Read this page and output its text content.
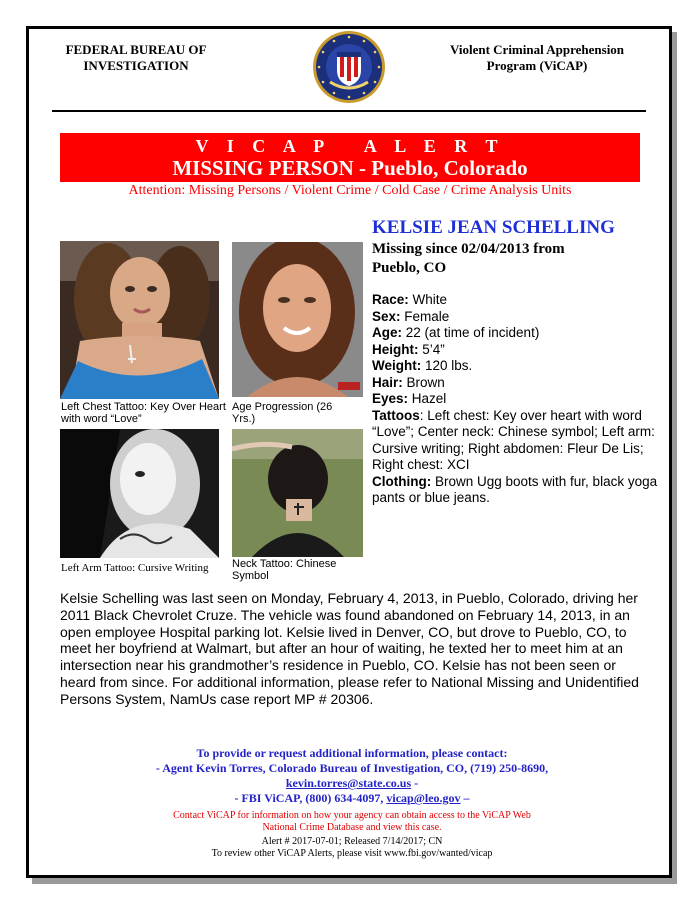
FEDERAL BUREAU OF
INVESTIGATION
Violent Criminal Apprehension
Program (ViCAP)
V I C A P   A L E R T
MISSING PERSON - Pueblo, Colorado
Attention: Missing Persons / Violent Crime / Cold Case / Crime Analysis Units
KELSIE JEAN SCHELLING
Missing since 02/04/2013 from
Pueblo, CO
Race: White
Sex: Female
Age: 22 (at time of incident)
Height: 5’4”
Weight: 120 lbs.
Hair: Brown
Eyes: Hazel
Tattoos: Left chest: Key over heart with word “Love”; Center neck: Chinese symbol; Left arm: Cursive writing; Right abdomen: Fleur De Lis; Right chest: XCI
Clothing: Brown Ugg boots with fur, black yoga pants or blue jeans.
Left Chest Tattoo: Key Over Heart with word “Love”
Age Progression (26 Yrs.)
Left Arm Tattoo: Cursive Writing	Neck Tattoo: Chinese Symbol
Kelsie Schelling was last seen on Monday, February 4, 2013, in Pueblo, Colorado, driving her 2011 Black Chevrolet Cruze. The vehicle was found abandoned on February 14, 2013, in an open employee Hospital parking lot. Kelsie lived in Denver, CO, but drove to Pueblo, CO, to meet her boyfriend at Walmart, but after an hour of waiting, he texted her to meet him at an intersection near his grandmother’s residence in Pueblo, CO. Kelsie has not been seen or heard from since. For additional information, please refer to National Missing and Unidentified Persons System, NamUs case report MP # 20306.
To provide or request additional information, please contact:
- Agent Kevin Torres, Colorado Bureau of Investigation, CO, (719) 250-8690,
kevin.torres@state.co.us -
- FBI ViCAP, (800) 634-4097, vicap@leo.gov –
Contact ViCAP for information on how your agency can obtain access to the ViCAP Web
National Crime Database and view this case.
Alert # 2017-07-01; Released 7/14/2017; CN
To review other ViCAP Alerts, please visit www.fbi.gov/wanted/vicap
